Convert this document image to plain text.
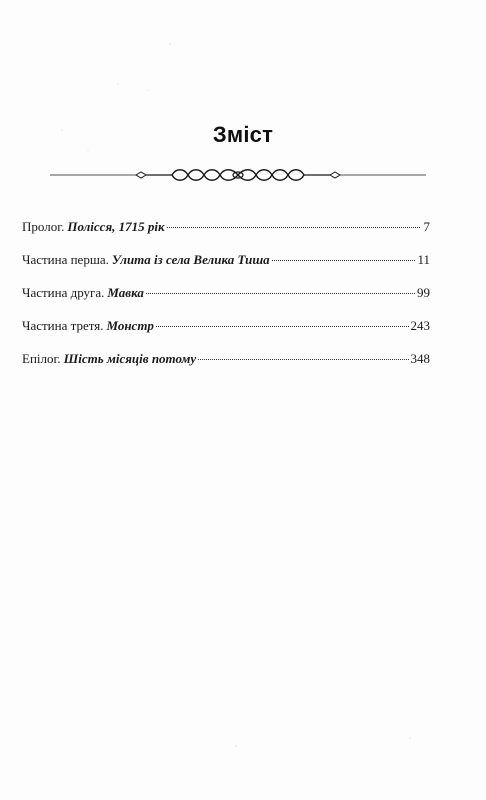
Зміст
Пролог. Полісся, 1715 рік	7
Частина перша. Улита із села Велика Тиша	11
Частина друга. Мавка	99
Частина третя. Монстр	243
Епілог. Шість місяців потому	348
